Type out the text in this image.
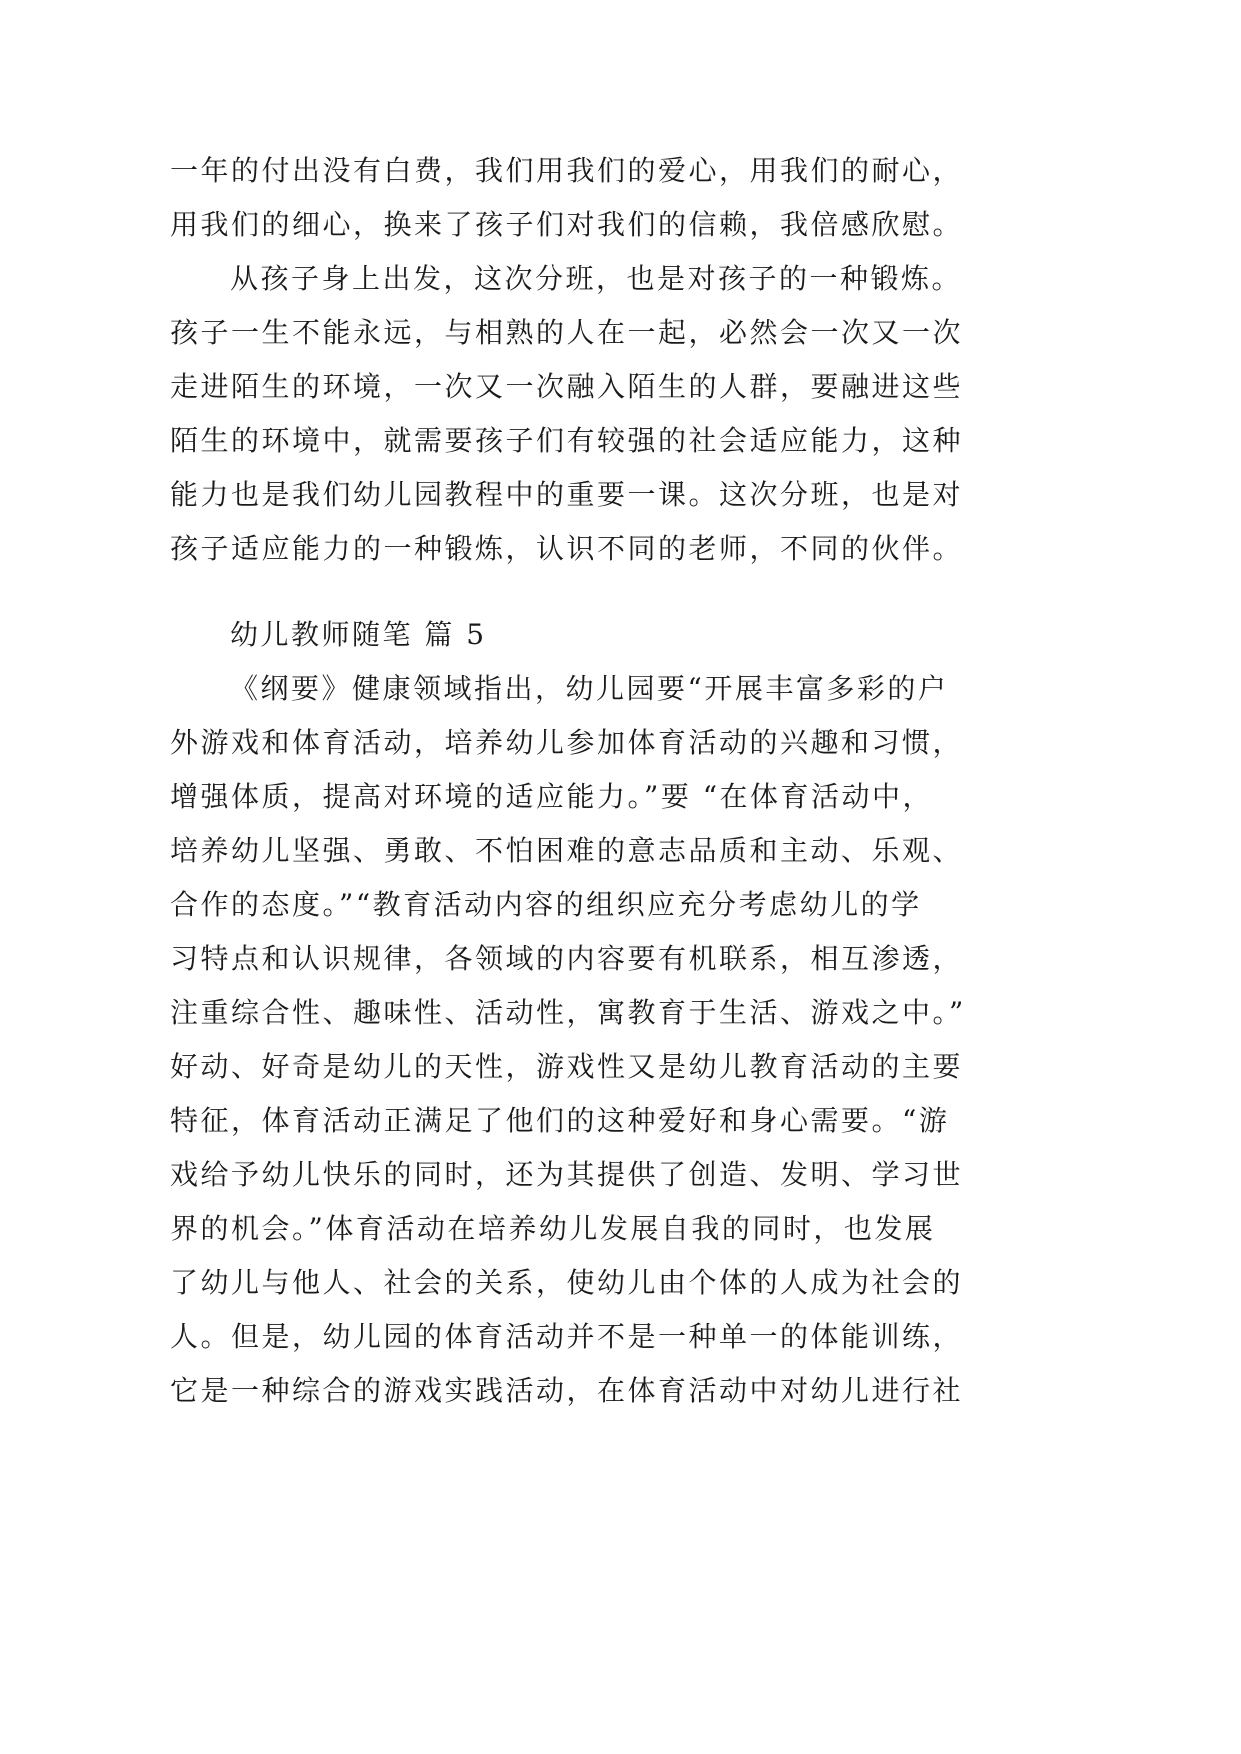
一年的付出没有白费，我们用我们的爱心，用我们的耐心，
用我们的细心，换来了孩子们对我们的信赖，我倍感欣慰。
从孩子身上出发，这次分班，也是对孩子的一种锻炼。
孩子一生不能永远，与相熟的人在一起，必然会一次又一次
走进陌生的环境，一次又一次融入陌生的人群，要融进这些
陌生的环境中，就需要孩子们有较强的社会适应能力，这种
能力也是我们幼儿园教程中的重要一课。这次分班，也是对
孩子适应能力的一种锻炼，认识不同的老师，不同的伙伴。
幼儿教师随笔 篇 5
《纲要》健康领域指出，幼儿园要“开展丰富多彩的户
外游戏和体育活动，培养幼儿参加体育活动的兴趣和习惯，
增强体质，提高对环境的适应能力。”要 “在体育活动中，
培养幼儿坚强、勇敢、不怕困难的意志品质和主动、乐观、
合作的态度。”“教育活动内容的组织应充分考虑幼儿的学
习特点和认识规律，各领域的内容要有机联系，相互渗透，
注重综合性、趣味性、活动性，寓教育于生活、游戏之中。”
好动、好奇是幼儿的天性，游戏性又是幼儿教育活动的主要
特征，体育活动正满足了他们的这种爱好和身心需要。“游
戏给予幼儿快乐的同时，还为其提供了创造、发明、学习世
界的机会。”体育活动在培养幼儿发展自我的同时，也发展
了幼儿与他人、社会的关系，使幼儿由个体的人成为社会的
人。但是，幼儿园的体育活动并不是一种单一的体能训练，
它是一种综合的游戏实践活动，在体育活动中对幼儿进行社
